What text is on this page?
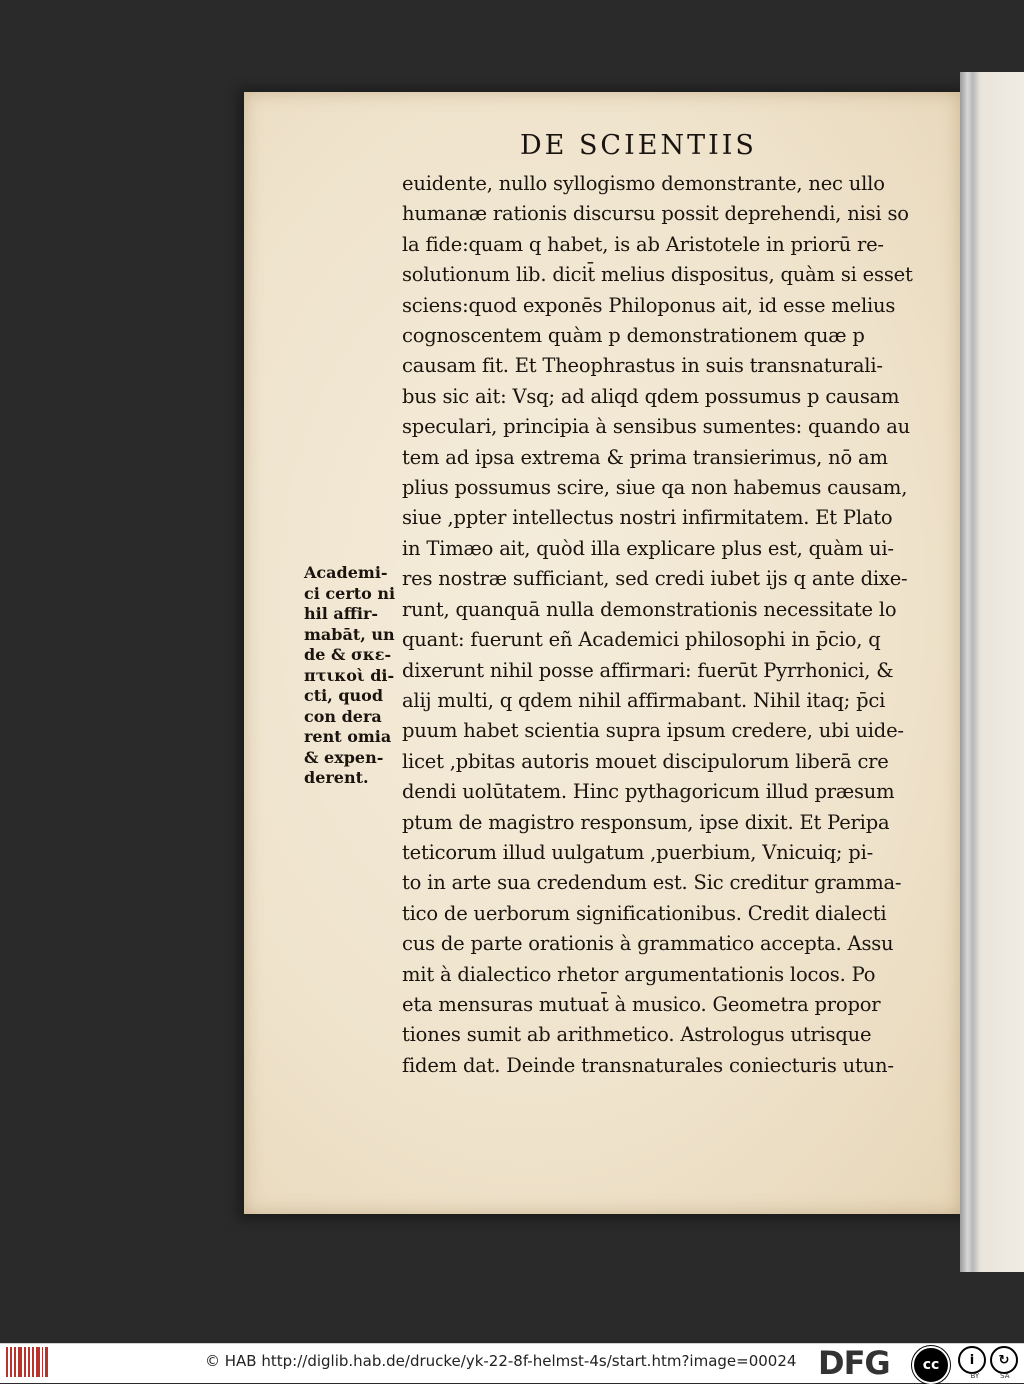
DE SCIENTIIS
euidente, nullo syllogismo demonstrante, nec ullo
humanæ rationis discursu possit deprehendi, nisi so
la fide:quam q habet, is ab Aristotele in priorū re-
solutionum lib. dicit̄ melius dispositus, quàm si esset
sciens:quod exponēs Philoponus ait, id esse melius
cognoscentem quàm p demonstrationem quæ p
causam fit. Et Theophrastus in suis transnaturali-
bus sic ait: Vsq; ad aliqd qdem possumus p causam
speculari, principia à sensibus sumentes: quando au
tem ad ipsa extrema & prima transierimus, nō am
plius possumus scire, siue qa non habemus causam,
siue ,ppter intellectus nostri infirmitatem. Et Plato
in Timæo ait, quòd illa explicare plus est, quàm ui-
res nostræ sufficiant, sed credi iubet ijs q ante dixe-
runt, quanquā nulla demonstrationis necessitate lo
quant: fuerunt eñ Academici philosophi in p̄cio, q
dixerunt nihil posse affirmari: fuerūt Pyrrhonici, &
alij multi, q qdem nihil affirmabant. Nihil itaq; p̄ci
puum habet scientia supra ipsum credere, ubi uide-
licet ,pbitas autoris mouet discipulorum liberā cre
dendi uolūtatem. Hinc pythagoricum illud præsum
ptum de magistro responsum, ipse dixit. Et Peripa
teticorum illud uulgatum ,puerbium, Vnicuiq; pi-
to in arte sua credendum est. Sic creditur gramma-
tico de uerborum significationibus. Credit dialecti
cus de parte orationis à grammatico accepta. Assu
mit à dialectico rhetor argumentationis locos. Po
eta mensuras mutuat̄ à musico. Geometra propor
tiones sumit ab arithmetico. Astrologus utrisque
fidem dat. Deinde transnaturales coniecturis utun-
Academi-
ci certo ni
hil affir-
mabāt, un
de & σκε-
πτικοὶ di-
cti, quod
con dera
rent omia
& expen-
derent.
© HAB http://diglib.hab.de/drucke/yk-22-8f-helmst-4s/start.htm?image=00024 DFG	cc	i	↻
BY	SA
